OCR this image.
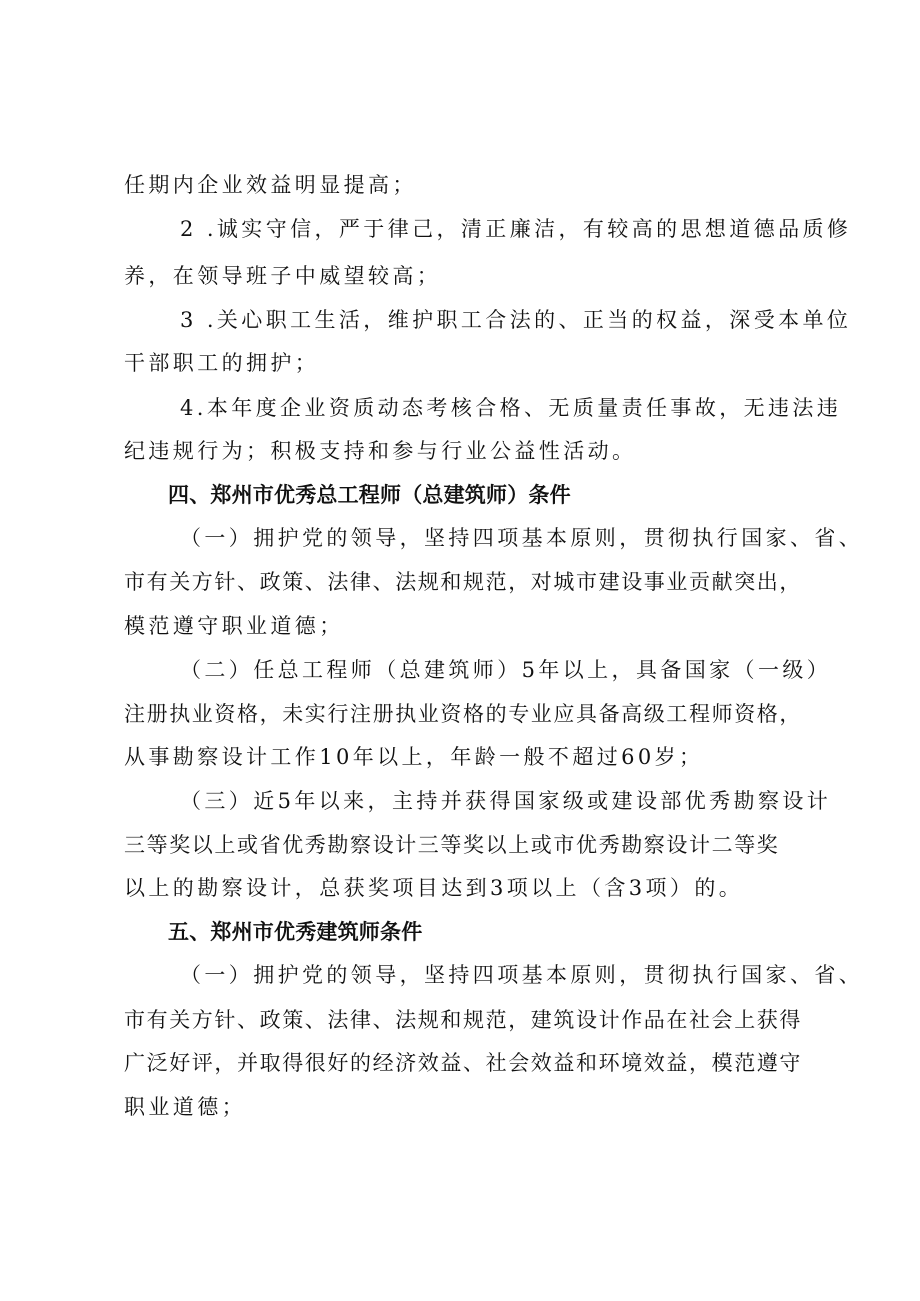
任期内企业效益明显提高；
2 .诚实守信，严于律己，清正廉洁，有较高的思想道德品质修
养，在领导班子中威望较高；
3 .关心职工生活，维护职工合法的、正当的权益，深受本单位
干部职工的拥护；
4.本年度企业资质动态考核合格、无质量责任事故，无违法违
纪违规行为；积极支持和参与行业公益性活动。
四、郑州市优秀总工程师（总建筑师）条件
（一）拥护党的领导，坚持四项基本原则，贯彻执行国家、省、
市有关方针、政策、法律、法规和规范，对城市建设事业贡献突出，
模范遵守职业道德；
（二）任总工程师（总建筑师）5年以上，具备国家（一级）
注册执业资格，未实行注册执业资格的专业应具备高级工程师资格，
从事勘察设计工作10年以上，年龄一般不超过60岁；
（三）近5年以来，主持并获得国家级或建设部优秀勘察设计
三等奖以上或省优秀勘察设计三等奖以上或市优秀勘察设计二等奖
以上的勘察设计，总获奖项目达到3项以上（含3项）的。
五、郑州市优秀建筑师条件
（一）拥护党的领导，坚持四项基本原则，贯彻执行国家、省、
市有关方针、政策、法律、法规和规范，建筑设计作品在社会上获得
广泛好评，并取得很好的经济效益、社会效益和环境效益，模范遵守
职业道德；
